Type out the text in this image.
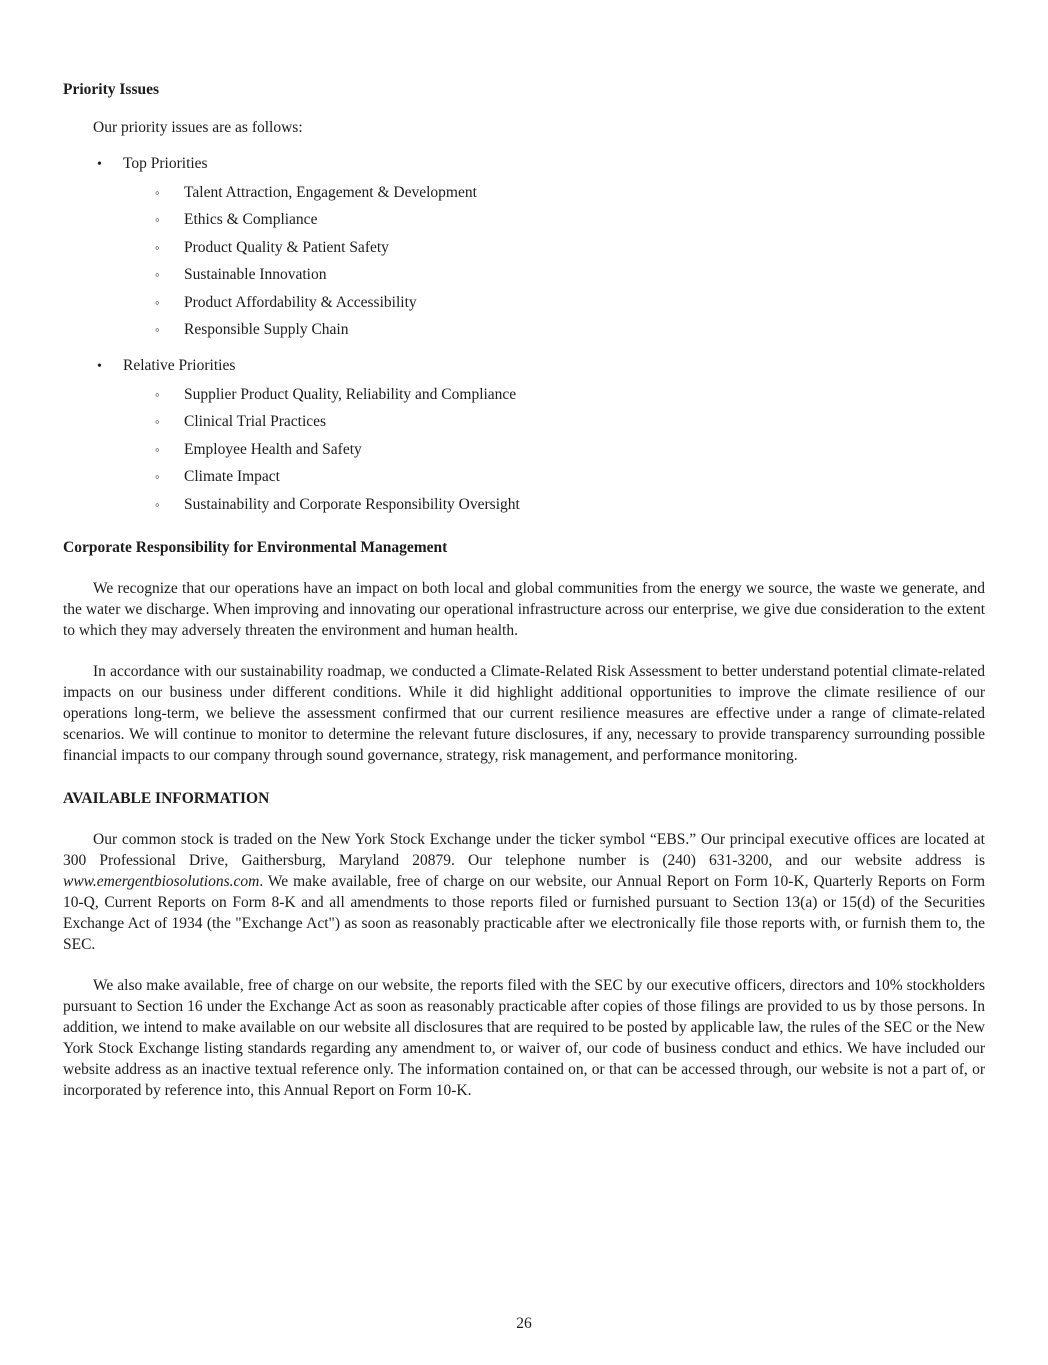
Priority Issues

Our priority issues are as follows:

• Top Priorities
◦ Talent Attraction, Engagement & Development
◦ Ethics & Compliance
◦ Product Quality & Patient Safety
◦ Sustainable Innovation
◦ Product Affordability & Accessibility
◦ Responsible Supply Chain
• Relative Priorities
◦ Supplier Product Quality, Reliability and Compliance
◦ Clinical Trial Practices
◦ Employee Health and Safety
◦ Climate Impact
◦ Sustainability and Corporate Responsibility Oversight
Corporate Responsibility for Environmental Management

We recognize that our operations have an impact on both local and global communities from the energy we source, the waste we generate, and the water we discharge. When improving and innovating our operational infrastructure across our enterprise, we give due consideration to the extent to which they may adversely threaten the environment and human health.

In accordance with our sustainability roadmap, we conducted a Climate-Related Risk Assessment to better understand potential climate-related impacts on our business under different conditions. While it did highlight additional opportunities to improve the climate resilience of our operations long-term, we believe the assessment confirmed that our current resilience measures are effective under a range of climate-related scenarios. We will continue to monitor to determine the relevant future disclosures, if any, necessary to provide transparency surrounding possible financial impacts to our company through sound governance, strategy, risk management, and performance monitoring.

AVAILABLE INFORMATION

Our common stock is traded on the New York Stock Exchange under the ticker symbol “EBS.” Our principal executive offices are located at 300 Professional Drive, Gaithersburg, Maryland 20879. Our telephone number is (240) 631-3200, and our website address is www.emergentbiosolutions.com. We make available, free of charge on our website, our Annual Report on Form 10-K, Quarterly Reports on Form 10-Q, Current Reports on Form 8-K and all amendments to those reports filed or furnished pursuant to Section 13(a) or 15(d) of the Securities Exchange Act of 1934 (the "Exchange Act") as soon as reasonably practicable after we electronically file those reports with, or furnish them to, the SEC.

We also make available, free of charge on our website, the reports filed with the SEC by our executive officers, directors and 10% stockholders pursuant to Section 16 under the Exchange Act as soon as reasonably practicable after copies of those filings are provided to us by those persons. In addition, we intend to make available on our website all disclosures that are required to be posted by applicable law, the rules of the SEC or the New York Stock Exchange listing standards regarding any amendment to, or waiver of, our code of business conduct and ethics. We have included our website address as an inactive textual reference only. The information contained on, or that can be accessed through, our website is not a part of, or incorporated by reference into, this Annual Report on Form 10-K.

26
